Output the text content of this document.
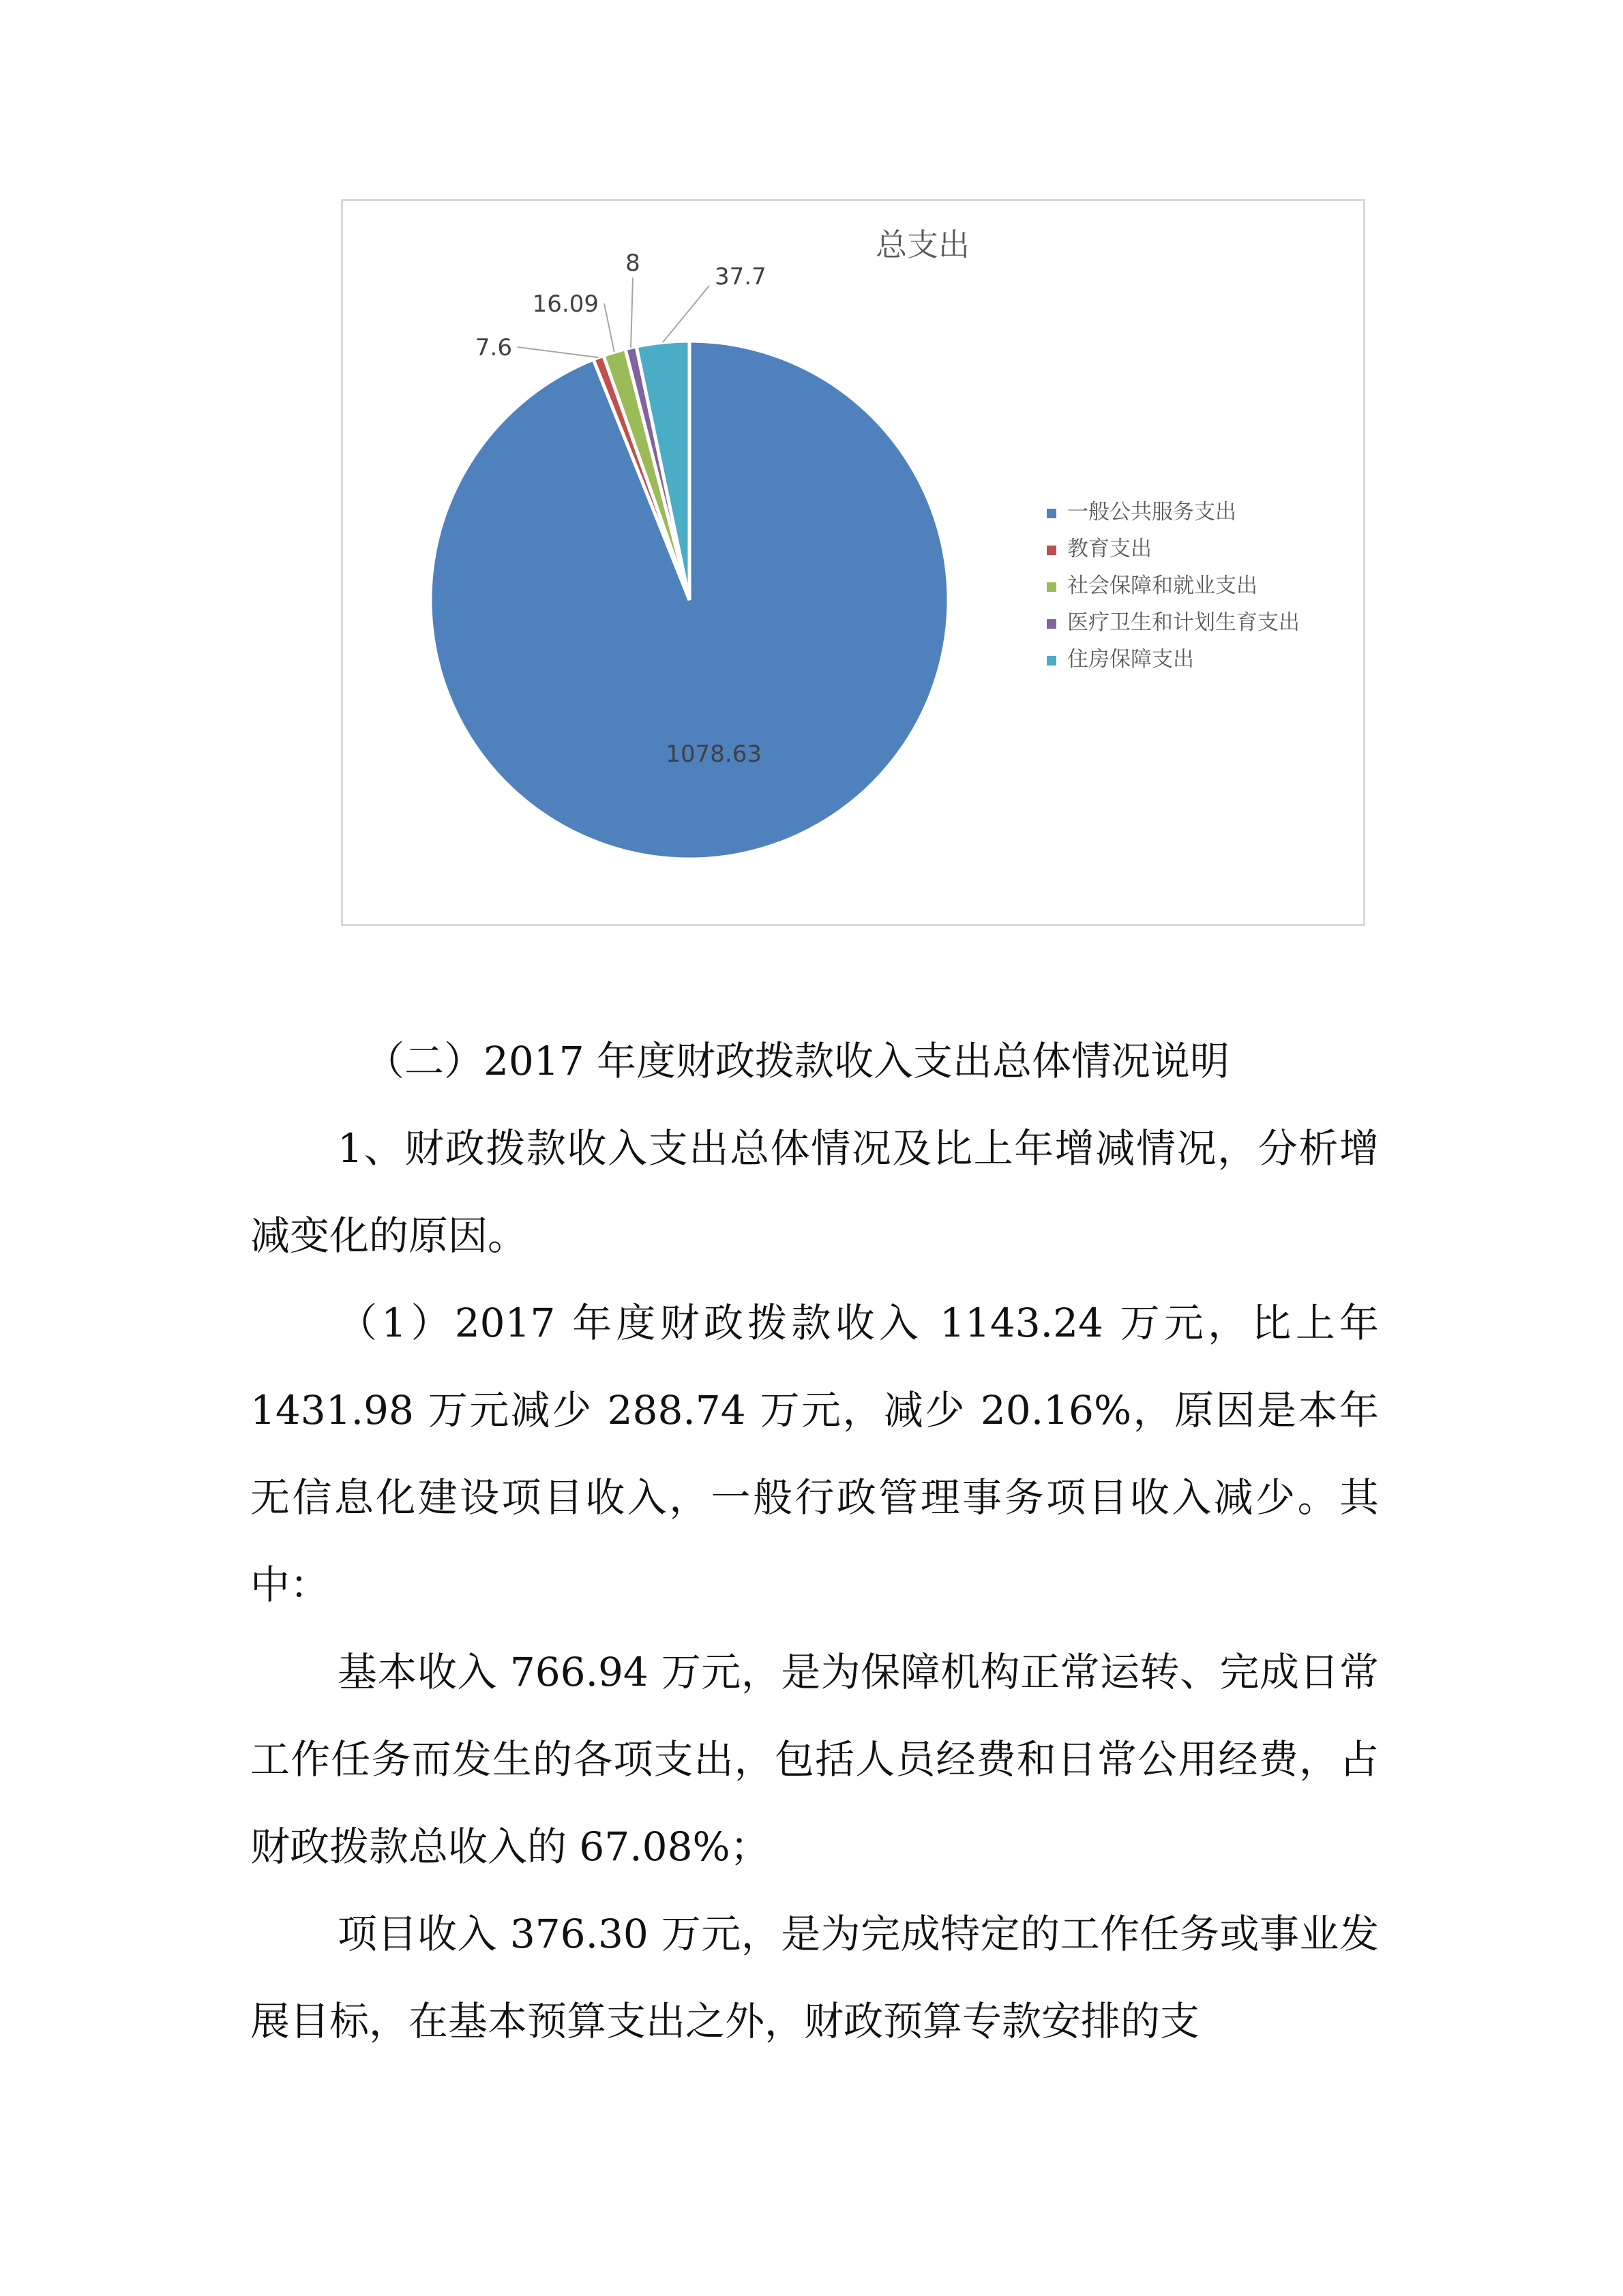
总支出
1078.63
7.6
16.09
8	37.7
一般公共服务支出
教育支出
社会保障和就业支出
医疗卫生和计划生育支出
住房保障支出

（二）2017 年度财政拨款收入支出总体情况说明

1、财政拨款收入支出总体情况及比上年增减情况，分析增减变化的原因。

（1）2017 年度财政拨款收入 1143.24 万元，比上年 1431.98 万元减少 288.74 万元，减少 20.16%，原因是本年无信息化建设项目收入，一般行政管理事务项目收入减少。其中：

基本收入 766.94 万元，是为保障机构正常运转、完成日常工作任务而发生的各项支出，包括人员经费和日常公用经费，占财政拨款总收入的 67.08%；

项目收入 376.30 万元，是为完成特定的工作任务或事业发展目标，在基本预算支出之外，财政预算专款安排的支
